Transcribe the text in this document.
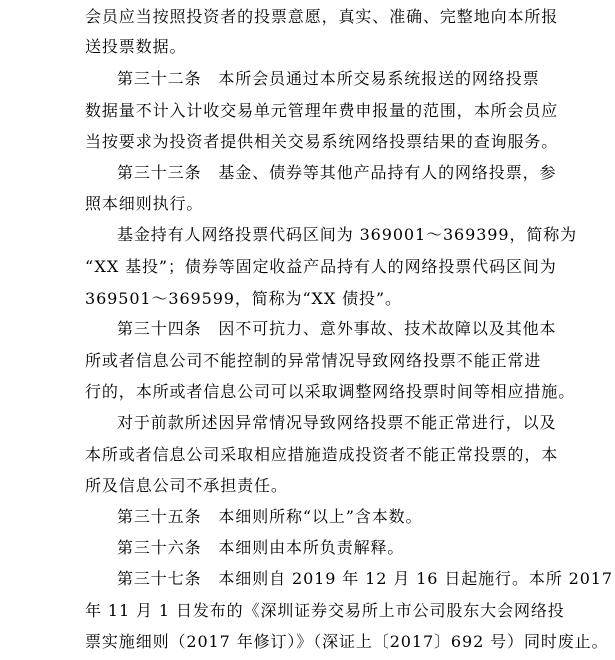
会员应当按照投资者的投票意愿，真实、准确、完整地向本所报
送投票数据。
第三十二条　本所会员通过本所交易系统报送的网络投票
数据量不计入计收交易单元管理年费申报量的范围，本所会员应
当按要求为投资者提供相关交易系统网络投票结果的查询服务。
第三十三条　基金、债券等其他产品持有人的网络投票，参
照本细则执行。
基金持有人网络投票代码区间为 369001～369399，简称为
“XX 基投”；债券等固定收益产品持有人的网络投票代码区间为
369501～369599，简称为“XX 债投”。
第三十四条　因不可抗力、意外事故、技术故障以及其他本
所或者信息公司不能控制的异常情况导致网络投票不能正常进
行的，本所或者信息公司可以采取调整网络投票时间等相应措施。
对于前款所述因异常情况导致网络投票不能正常进行，以及
本所或者信息公司采取相应措施造成投资者不能正常投票的，本
所及信息公司不承担责任。
第三十五条　本细则所称“以上”含本数。
第三十六条　本细则由本所负责解释。
第三十七条　本细则自 2019 年 12 月 16 日起施行。本所 2017
年 11 月 1 日发布的《深圳证券交易所上市公司股东大会网络投
票实施细则（2017 年修订）》（深证上〔2017〕692 号）同时废止。
